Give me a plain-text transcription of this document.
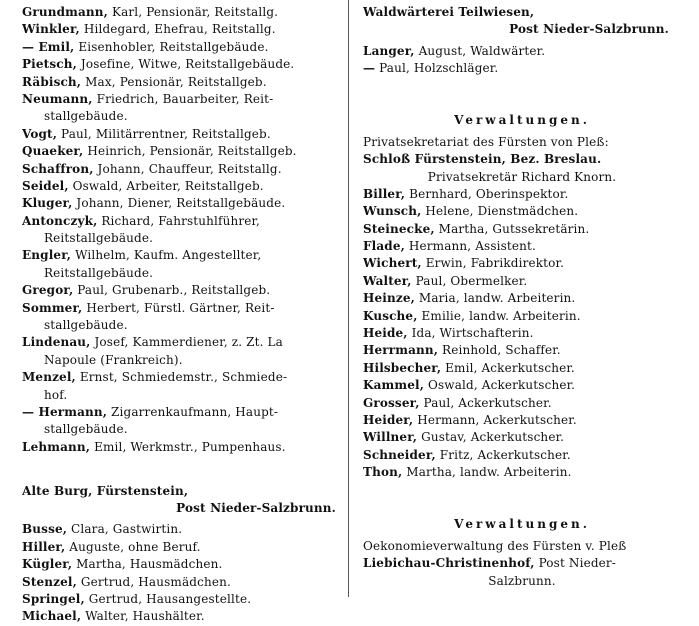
Grundmann, Karl, Pensionär, Reitstallg.
Winkler, Hildegard, Ehefrau, Reitstallg.
— Emil, Eisenhobler, Reitstallgebäude.
Pietsch, Josefine, Witwe, Reitstallgebäude.
Räbisch, Max, Pensionär, Reitstallgeb.
Neumann, Friedrich, Bauarbeiter, Reit-
stallgebäude.
Vogt, Paul, Militärrentner, Reitstallgeb.
Quaeker, Heinrich, Pensionär, Reitstallgeb.
Schaffron, Johann, Chauffeur, Reitstallg.
Seidel, Oswald, Arbeiter, Reitstallgeb.
Kluger, Johann, Diener, Reitstallgebäude.
Antonczyk, Richard, Fahrstuhlführer,
Reitstallgebäude.
Engler, Wilhelm, Kaufm. Angestellter,
Reitstallgebäude.
Gregor, Paul, Grubenarb., Reitstallgeb.
Sommer, Herbert, Fürstl. Gärtner, Reit-
stallgebäude.
Lindenau, Josef, Kammerdiener, z. Zt. La
Napoule (Frankreich).
Menzel, Ernst, Schmiedemstr., Schmiede-
hof.
— Hermann, Zigarrenkaufmann, Haupt-
stallgebäude.
Lehmann, Emil, Werkmstr., Pumpenhaus.
Alte Burg, Fürstenstein,
Post Nieder-Salzbrunn.
Busse, Clara, Gastwirtin.
Hiller, Auguste, ohne Beruf.
Kügler, Martha, Hausmädchen.
Stenzel, Gertrud, Hausmädchen.
Springel, Gertrud, Hausangestellte.
Michael, Walter, Haushälter.
Waldwärterei Teilwiesen,
Post Nieder-Salzbrunn.
Langer, August, Waldwärter.
— Paul, Holzschläger.
Verwaltungen.
Privatsekretariat des Fürsten von Pleß:
Schloß Fürstenstein, Bez. Breslau.
Privatsekretär Richard Knorn.
Biller, Bernhard, Oberinspektor.
Wunsch, Helene, Dienstmädchen.
Steinecke, Martha, Gutssekretärin.
Flade, Hermann, Assistent.
Wichert, Erwin, Fabrikdirektor.
Walter, Paul, Obermelker.
Heinze, Maria, landw. Arbeiterin.
Kusche, Emilie, landw. Arbeiterin.
Heide, Ida, Wirtschafterin.
Herrmann, Reinhold, Schaffer.
Hilsbecher, Emil, Ackerkutscher.
Kammel, Oswald, Ackerkutscher.
Grosser, Paul, Ackerkutscher.
Heider, Hermann, Ackerkutscher.
Willner, Gustav, Ackerkutscher.
Schneider, Fritz, Ackerkutscher.
Thon, Martha, landw. Arbeiterin.
Verwaltungen.
Oekonomieverwaltung des Fürsten v. Pleß
Liebichau-Christinenhof, Post Nieder-
Salzbrunn.
